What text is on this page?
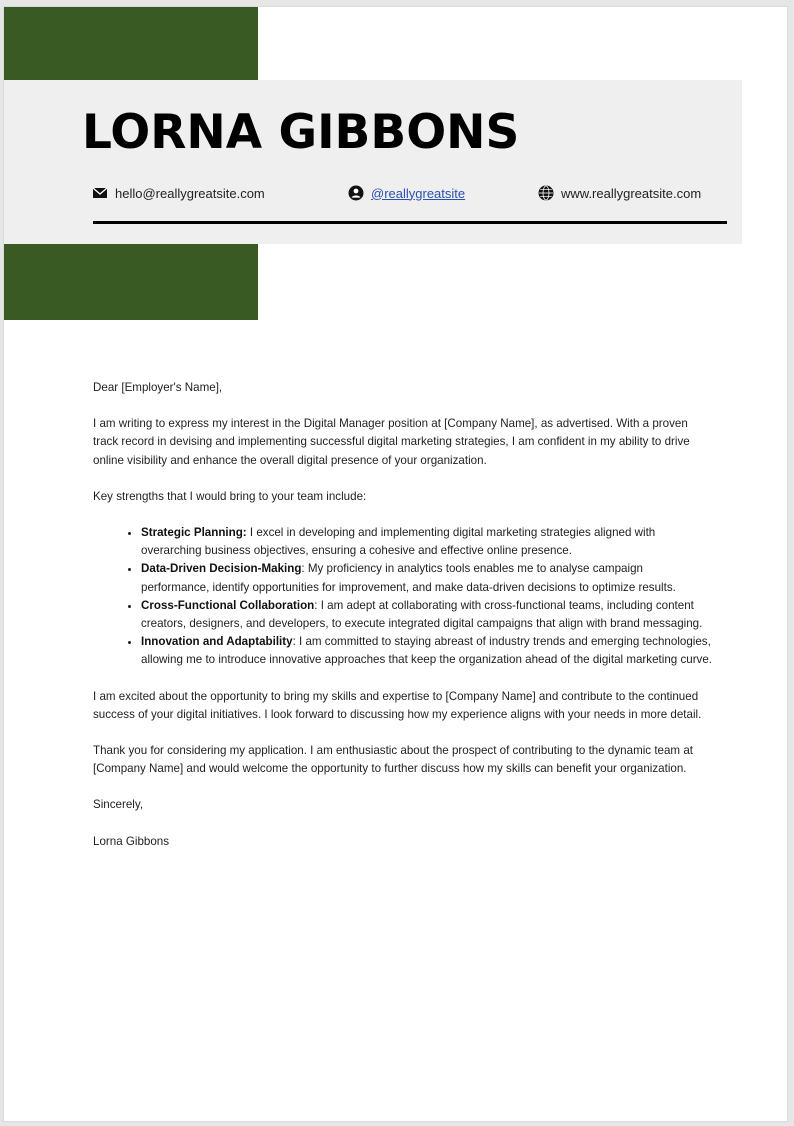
LORNA GIBBONS
hello@reallygreatsite.com	@reallygreatsite	www.reallygreatsite.com

Dear [Employer's Name],

I am writing to express my interest in the Digital Manager position at [Company Name], as advertised. With a proven track record in devising and implementing successful digital marketing strategies, I am confident in my ability to drive online visibility and enhance the overall digital presence of your organization.

Key strengths that I would bring to your team include:

• Strategic Planning: I excel in developing and implementing digital marketing strategies aligned with overarching business objectives, ensuring a cohesive and effective online presence.
• Data-Driven Decision-Making: My proficiency in analytics tools enables me to analyse campaign performance, identify opportunities for improvement, and make data-driven decisions to optimize results.
• Cross-Functional Collaboration: I am adept at collaborating with cross-functional teams, including content creators, designers, and developers, to execute integrated digital campaigns that align with brand messaging.
• Innovation and Adaptability: I am committed to staying abreast of industry trends and emerging technologies, allowing me to introduce innovative approaches that keep the organization ahead of the digital marketing curve.

I am excited about the opportunity to bring my skills and expertise to [Company Name] and contribute to the continued success of your digital initiatives. I look forward to discussing how my experience aligns with your needs in more detail.

Thank you for considering my application. I am enthusiastic about the prospect of contributing to the dynamic team at [Company Name] and would welcome the opportunity to further discuss how my skills can benefit your organization.

Sincerely,

Lorna Gibbons
